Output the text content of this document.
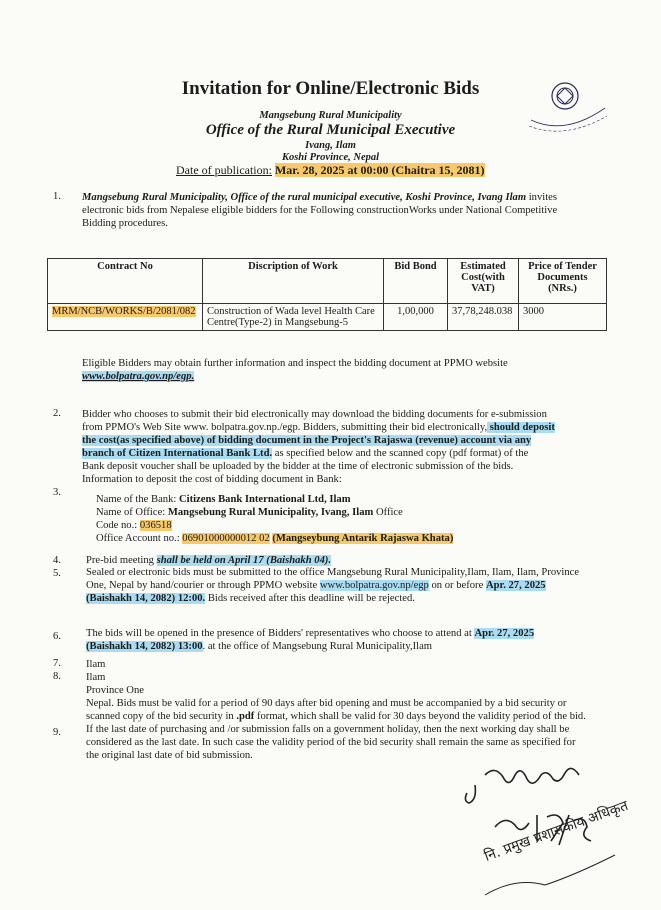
Invitation for Online/Electronic Bids
Mangsebung Rural Municipality
Office of the Rural Municipal Executive
Ivang, Ilam
Koshi Province, Nepal
Date of publication: Mar. 28, 2025 at 00:00 (Chaitra 15, 2081)
1. Mangsebung Rural Municipality, Office of the rural municipal executive, Koshi Province, Ivang Ilam invites
electronic bids from Nepalese eligible bidders for the Following constructionWorks under National Competitive
Bidding procedures.
Contract No	Discription of Work	Bid Bond	Estimated Cost(with VAT)	Price of Tender Documents (NRs.)
MRM/NCB/WORKS/B/2081/082	Construction of Wada level Health Care Centre(Type-2) in Mangsebung-5	1,00,000	37,78,248.038	3000
Eligible Bidders may obtain further information and inspect the bidding document at PPMO website
www.bolpatra.gov.np/egp.
2. Bidder who chooses to submit their bid electronically may download the bidding documents for e-submission
from PPMO's Web Site www. bolpatra.gov.np./egp. Bidders, submitting their bid electronically, should deposit
the cost(as specified above) of bidding document in the Project's Rajaswa (revenue) account via any
branch of Citizen International Bank Ltd. as specified below and the scanned copy (pdf format) of the
Bank deposit voucher shall be uploaded by the bidder at the time of electronic submission of the bids.
Information to deposit the cost of bidding document in Bank:
3.
Name of the Bank: Citizens Bank International Ltd, Ilam
Name of Office: Mangsebung Rural Municipality, Ivang, Ilam Office
Code no.: 036518
Office Account no.: 06901000000012 02 (Mangseybung Antarik Rajaswa Khata)
4. Pre-bid meeting shall be held on April 17 (Baishakh 04).
5. Sealed or electronic bids must be submitted to the office Mangsebung Rural Municipality,Ilam, Ilam, Ilam, Province
One, Nepal by hand/courier or through PPMO website www.bolpatra.gov.np/egp on or before Apr. 27, 2025
(Baishakh 14, 2082) 12:00. Bids received after this deadline will be rejected.
6. The bids will be opened in the presence of Bidders' representatives who choose to attend at Apr. 27, 2025
(Baishakh 14, 2082) 13:00. at the office of Mangsebung Rural Municipality,Ilam
7. Ilam
8. Ilam
Province One
Nepal. Bids must be valid for a period of 90 days after bid opening and must be accompanied by a bid security or
scanned copy of the bid security in .pdf format, which shall be valid for 30 days beyond the validity period of the bid.
9. If the last date of purchasing and /or submission falls on a government holiday, then the next working day shall be
considered as the last date. In such case the validity period of the bid security shall remain the same as specified for
the original last date of bid submission.
नि. प्रमुख प्रशासकीय अधिकृत
